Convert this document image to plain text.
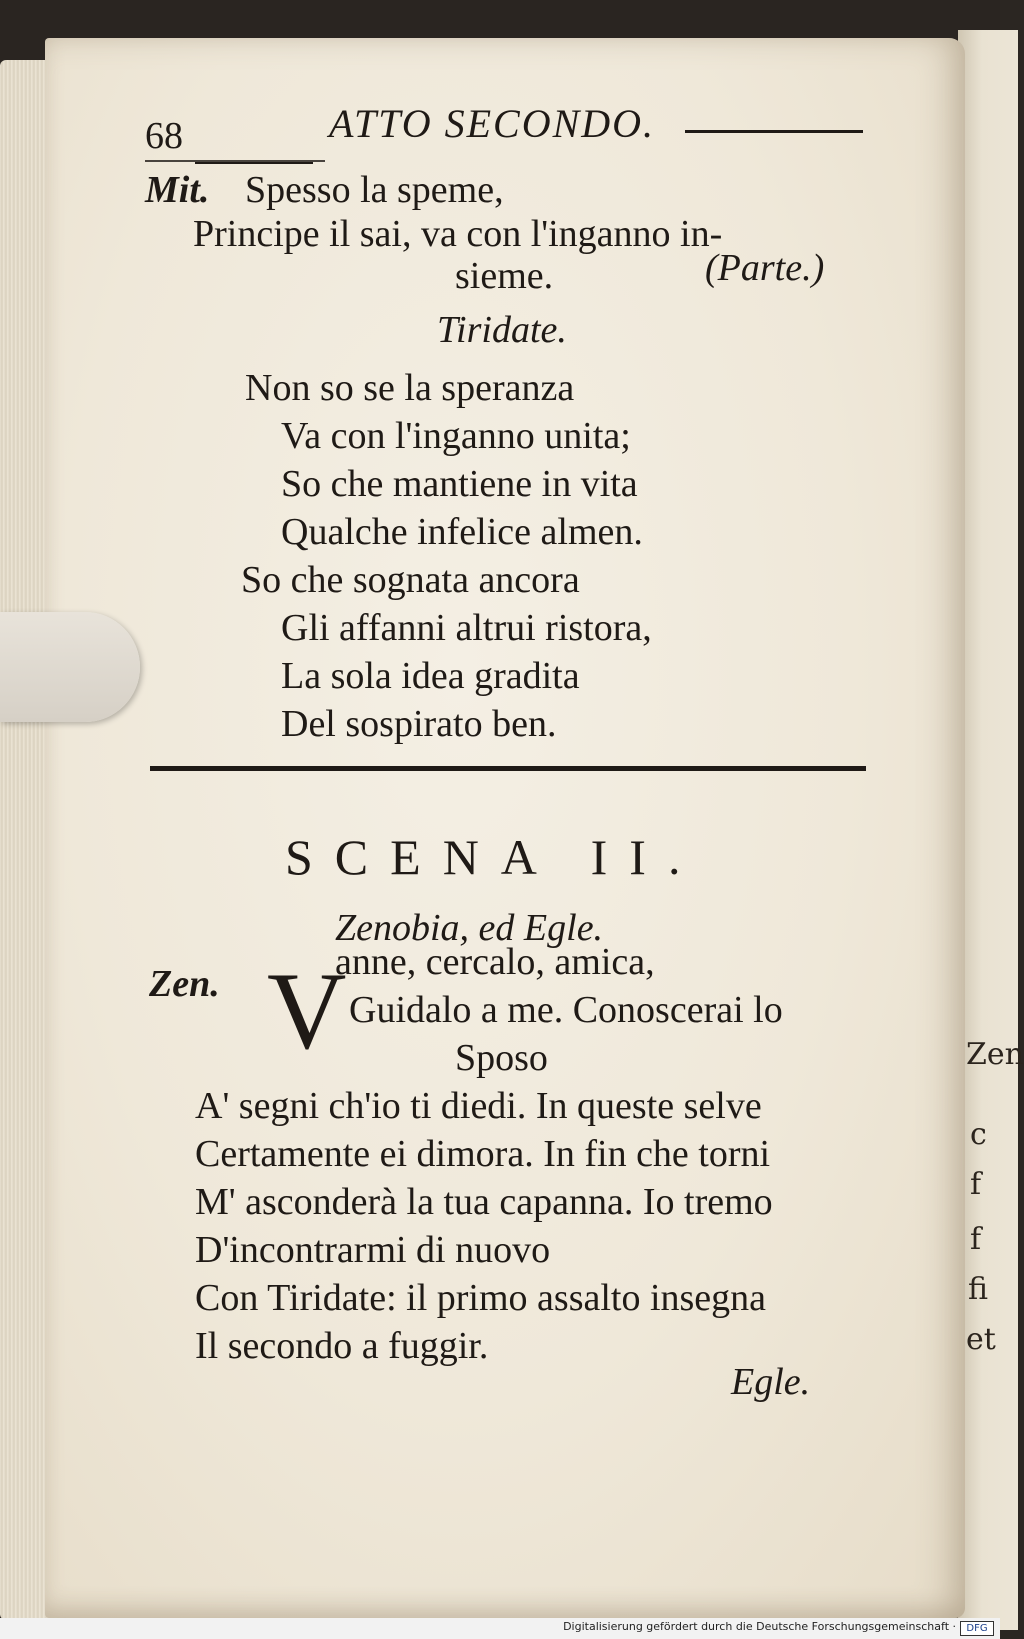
Zen
c
f
f
fi
et
68	ATTO SECONDO.
Mit. Spesso la speme,
Principe il sai, va con l'inganno in-
sieme.	(Parte.)
Tiridate.
Non so se la speranza
Va con l'inganno unita;
So che mantiene in vita
Qualche infelice almen.
So che sognata ancora
Gli affanni altrui ristora,
La sola idea gradita
Del sospirato ben.
SCENA II.
Zenobia, ed Egle.
Zen. V
anne, cercalo, amica,
Guidalo a me. Conoscerai lo
Sposo
A' segni ch'io ti diedi. In queste selve
Certamente ei dimora. In fin che torni
M' asconderà la tua capanna. Io tremo
D'incontrarmi di nuovo
Con Tiridate: il primo assalto insegna
Il secondo a fuggir.
Egle.
Digitalisierung gefördert durch die Deutsche Forschungsgemeinschaft ·	DFG
